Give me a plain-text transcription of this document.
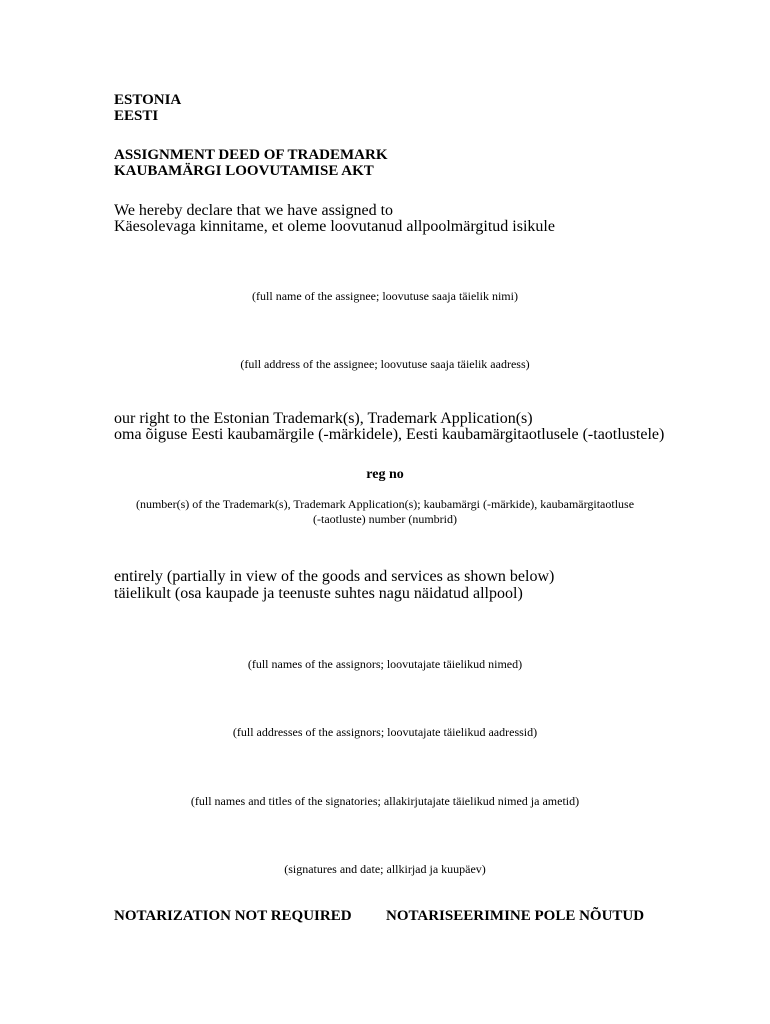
ESTONIA
EESTI
ASSIGNMENT DEED OF TRADEMARK
KAUBAMÄRGI LOOVUTAMISE AKT
We hereby declare that we have assigned to
Käesolevaga kinnitame, et oleme loovutanud allpoolmärgitud isikule
(full name of the assignee; loovutuse saaja täielik nimi)
(full address of the assignee; loovutuse saaja täielik aadress)
our right to the Estonian Trademark(s), Trademark Application(s)
oma õiguse Eesti kaubamärgile (-märkidele), Eesti kaubamärgitaotlusele (-taotlustele)
reg no
(number(s) of the Trademark(s), Trademark Application(s); kaubamärgi (-märkide), kaubamärgitaotluse
(-taotluste) number (numbrid)
entirely (partially in view of the goods and services as shown below)
täielikult (osa kaupade ja teenuste suhtes nagu näidatud allpool)
(full names of the assignors; loovutajate täielikud nimed)
(full addresses of the assignors; loovutajate täielikud aadressid)
(full names and titles of the signatories; allakirjutajate täielikud nimed ja ametid)
(signatures and date; allkirjad ja kuupäev)
NOTARIZATION NOT REQUIRED NOTARISEERIMINE POLE NÕUTUD
